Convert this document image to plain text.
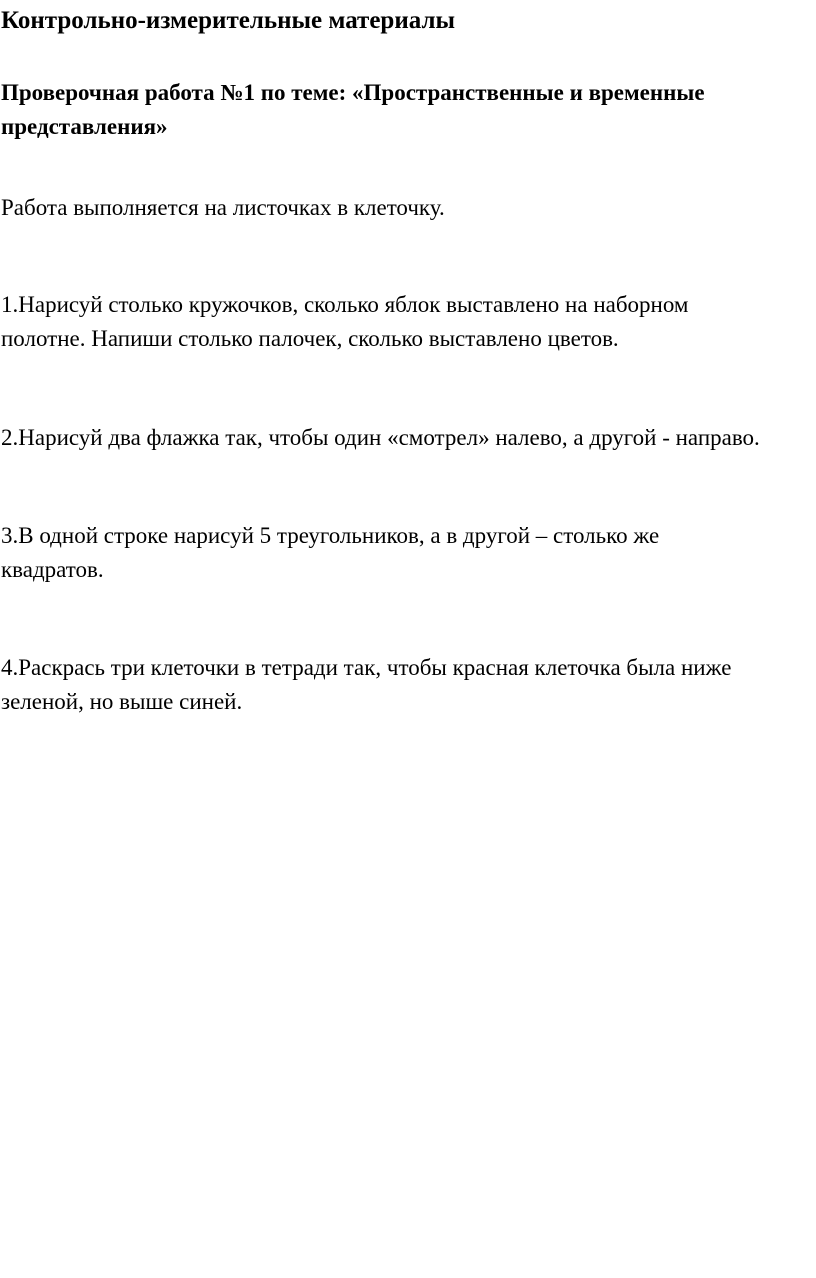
Контрольно-измерительные материалы
Проверочная работа №1 по теме: «Пространственные и временные представления»

Работа выполняется на листочках в клеточку.

1.Нарисуй столько кружочков, сколько яблок выставлено на наборном полотне. Напиши столько палочек, сколько выставлено цветов.

2.Нарисуй два флажка так, чтобы один «смотрел» налево, а другой - направо.

3.В одной строке нарисуй 5 треугольников, а в другой – столько же квадратов.

4.Раскрась три клеточки в тетради так, чтобы красная клеточка была ниже зеленой, но выше синей.
